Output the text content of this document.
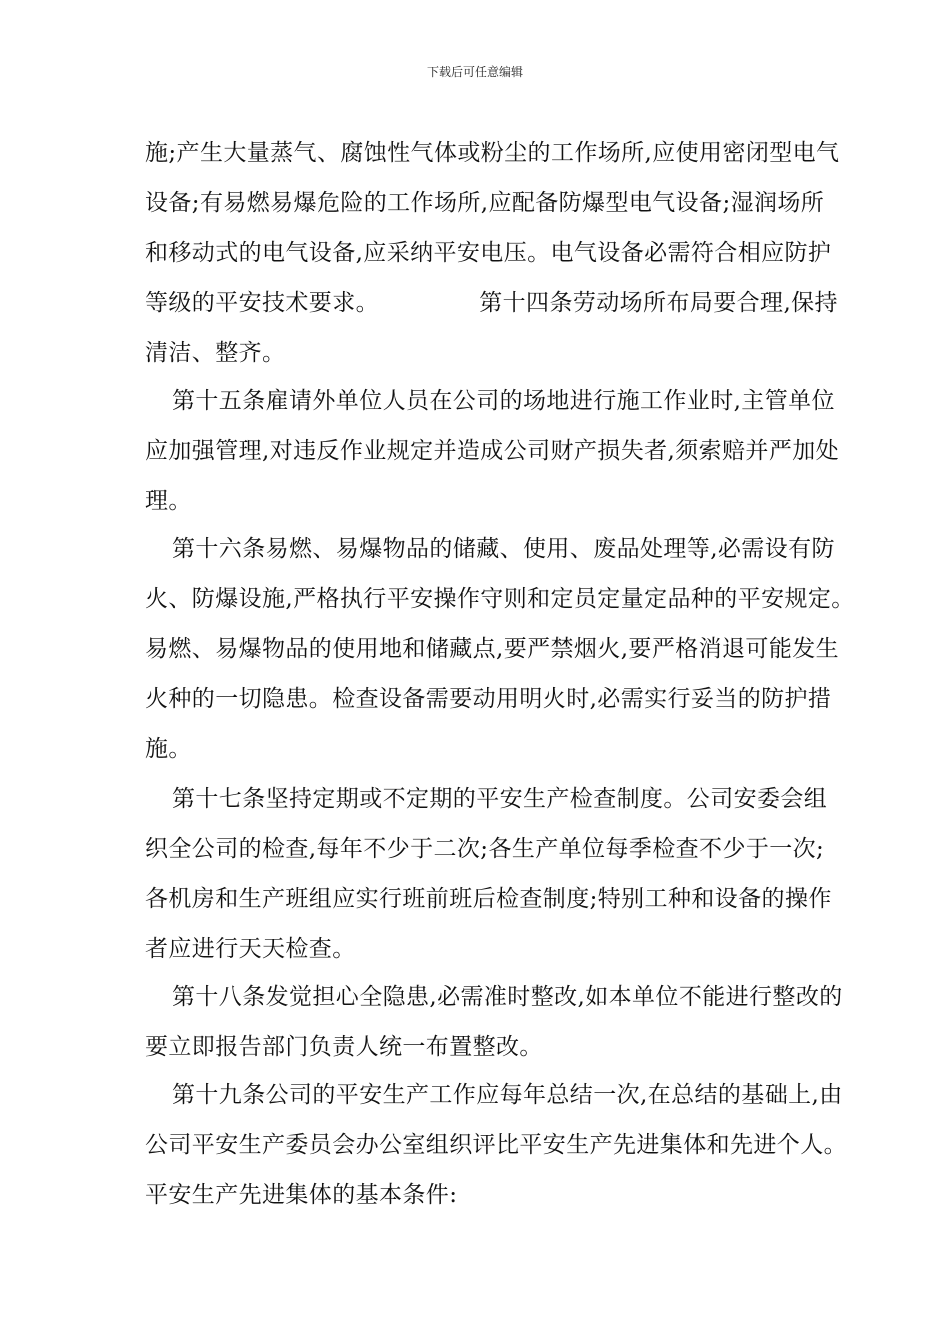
下载后可任意编辑
施;产生大量蒸气、腐蚀性气体或粉尘的工作场所,应使用密闭型电气
设备;有易燃易爆危险的工作场所,应配备防爆型电气设备;湿润场所
和移动式的电气设备,应采纳平安电压。电气设备必需符合相应防护
等级的平安技术要求。             第十四条劳动场所布局要合理,保持
清洁、整齐。
第十五条雇请外单位人员在公司的场地进行施工作业时,主管单位
应加强管理,对违反作业规定并造成公司财产损失者,须索赔并严加处
理。
第十六条易燃、易爆物品的储藏、使用、废品处理等,必需设有防
火、防爆设施,严格执行平安操作守则和定员定量定品种的平安规定。
易燃、易爆物品的使用地和储藏点,要严禁烟火,要严格消退可能发生
火种的一切隐患。检查设备需要动用明火时,必需实行妥当的防护措
施。
第十七条坚持定期或不定期的平安生产检查制度。公司安委会组
织全公司的检查,每年不少于二次;各生产单位每季检查不少于一次;
各机房和生产班组应实行班前班后检查制度;特别工种和设备的操作
者应进行天天检查。
第十八条发觉担心全隐患,必需准时整改,如本单位不能进行整改的
要立即报告部门负责人统一布置整改。
第十九条公司的平安生产工作应每年总结一次,在总结的基础上,由
公司平安生产委员会办公室组织评比平安生产先进集体和先进个人。
平安生产先进集体的基本条件:
